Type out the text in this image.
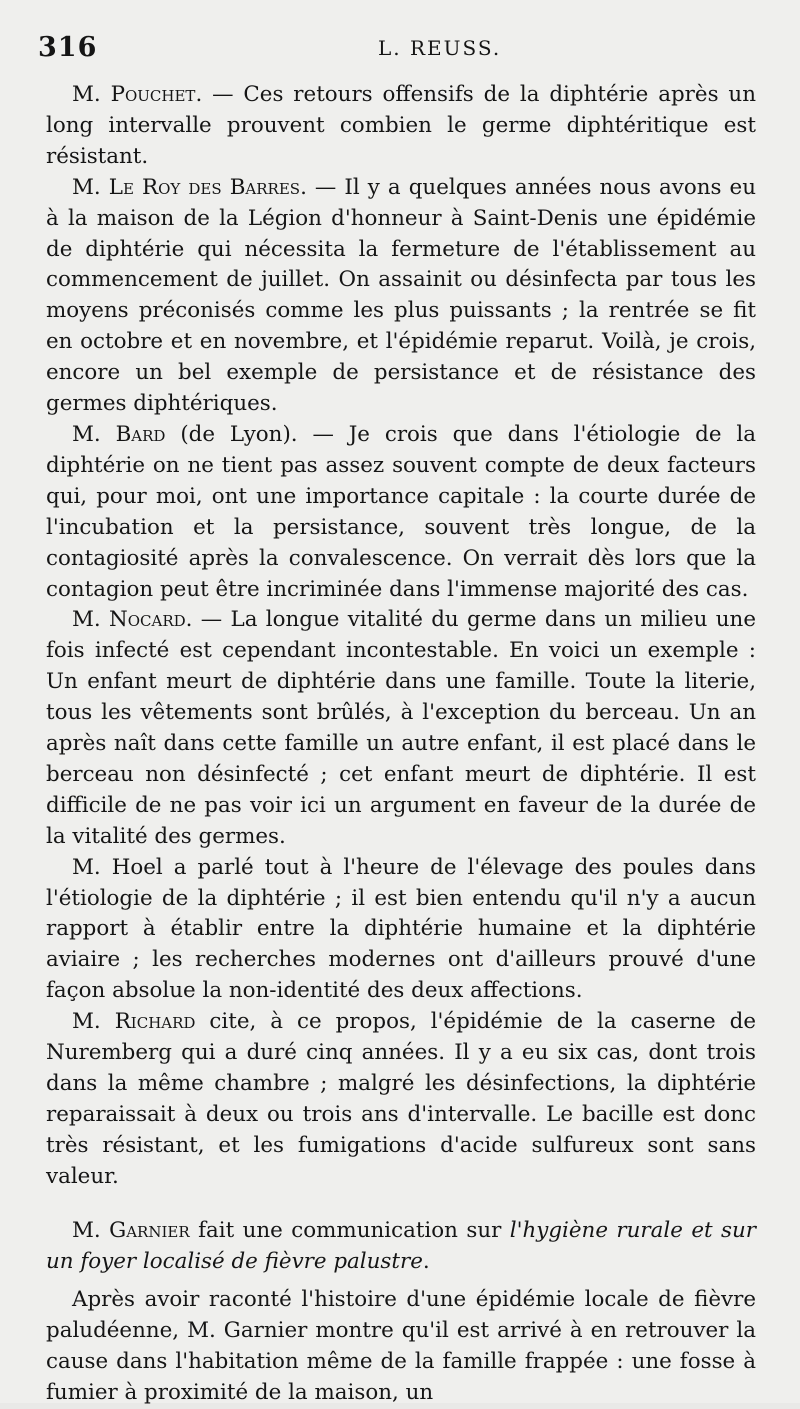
316	L. REUSS.

M. Pouchet. — Ces retours offensifs de la diphtérie après un long intervalle prouvent combien le germe diphtéritique est résistant.

M. Le Roy des Barres. — Il y a quelques années nous avons eu à la maison de la Légion d'honneur à Saint-Denis une épidémie de diphtérie qui nécessita la fermeture de l'établissement au commencement de juillet. On assainit ou désinfecta par tous les moyens préconisés comme les plus puissants ; la rentrée se fit en octobre et en novembre, et l'épidémie reparut. Voilà, je crois, encore un bel exemple de persistance et de résistance des germes diphtériques.

M. Bard (de Lyon). — Je crois que dans l'étiologie de la diphtérie on ne tient pas assez souvent compte de deux facteurs qui, pour moi, ont une importance capitale : la courte durée de l'incubation et la persistance, souvent très longue, de la contagiosité après la convalescence. On verrait dès lors que la contagion peut être incriminée dans l'immense majorité des cas.

M. Nocard. — La longue vitalité du germe dans un milieu une fois infecté est cependant incontestable. En voici un exemple : Un enfant meurt de diphtérie dans une famille. Toute la literie, tous les vêtements sont brûlés, à l'exception du berceau. Un an après naît dans cette famille un autre enfant, il est placé dans le berceau non désinfecté ; cet enfant meurt de diphtérie. Il est difficile de ne pas voir ici un argument en faveur de la durée de la vitalité des germes.

M. Hoel a parlé tout à l'heure de l'élevage des poules dans l'étiologie de la diphtérie ; il est bien entendu qu'il n'y a aucun rapport à établir entre la diphtérie humaine et la diphtérie aviaire ; les recherches modernes ont d'ailleurs prouvé d'une façon absolue la non-identité des deux affections.

M. Richard cite, à ce propos, l'épidémie de la caserne de Nuremberg qui a duré cinq années. Il y a eu six cas, dont trois dans la même chambre ; malgré les désinfections, la diphtérie reparaissait à deux ou trois ans d'intervalle. Le bacille est donc très résistant, et les fumigations d'acide sulfureux sont sans valeur.

M. Garnier fait une communication sur l'hygiène rurale et sur un foyer localisé de fièvre palustre.

Après avoir raconté l'histoire d'une épidémie locale de fièvre paludéenne, M. Garnier montre qu'il est arrivé à en retrouver la cause dans l'habitation même de la famille frappée : une fosse à fumier à proximité de la maison, un
